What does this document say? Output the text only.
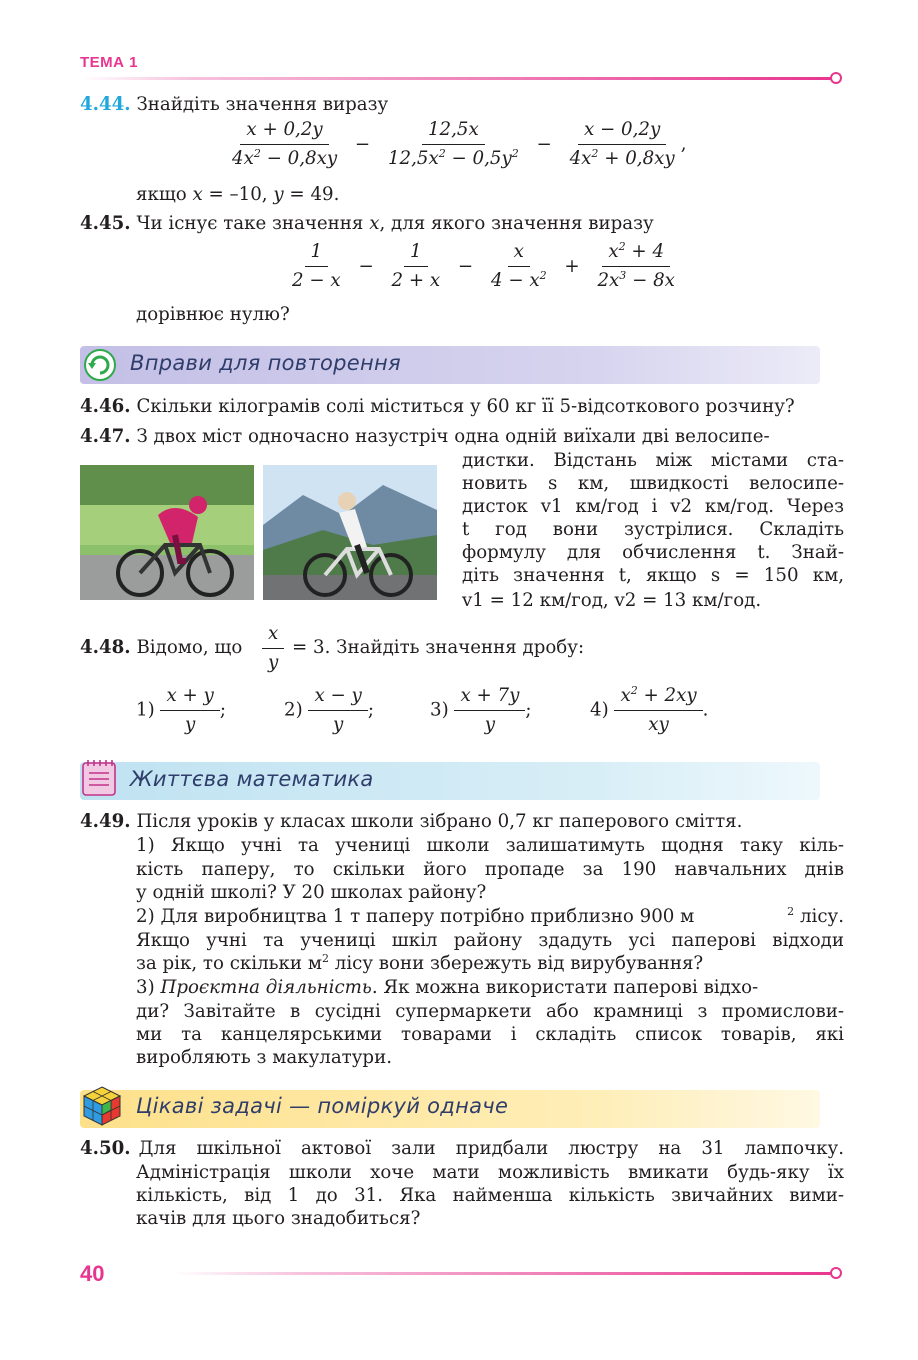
ТЕМА 1
4.44. Знайдіть значення виразу
$\frac{x + 0,2y}{4x^2 - 0,8xy} - \frac{12,5x}{12,5x^2 - 0,5y^2} - \frac{x - 0,2y}{4x^2 + 0,8xy}$ ,
якщо x = –10, y = 49.
4.45. Чи існує таке значення x, для якого значення виразу
$\frac{1}{2 - x} - \frac{1}{2 + x} - \frac{x}{4 - x^2} + \frac{x^2 + 4}{2x^3 - 8x}$
дорівнює нулю?
Вправи для повторення
4.46. Скільки кілограмів солі міститься у 60 кг її 5-відсоткового розчину?
4.47. З двох міст одночасно назустріч одна одній виїхали дві велосипе-
дистки. Відстань між містами ста-
новить s км, швидкості велосипе-
дисток v1 км/год і v2 км/год. Через
t год вони зустрілися. Складіть
формулу для обчислення t. Знай-
діть значення t, якщо s = 150 км,
v1 = 12 км/год, v2 = 13 км/год.
4.48. Відомо, що $\frac{x}{y} = 3$. Знайдіть значення дробу:
$1) \frac{x + y}{y}$ ;	$2) \frac{x - y}{y}$ ;	$3) \frac{x + 7y}{y}$ ;	$4) \frac{x^2 + 2xy}{xy}$ .
Життєва математика
4.49. Після уроків у класах школи зібрано 0,7 кг паперового сміття.
1) Якщо учні та учениці школи залишатимуть щодня таку кіль-
кість паперу, то скільки його пропаде за 190 навчальних днів
у одній школі? У 20 школах району?
2) Для виробництва 1 т паперу потрібно приблизно 900 м	$^2$ лісу.
Якщо учні та учениці шкіл району здадуть усі паперові відходи
за рік, то скільки $м^2$ лісу вони збережуть від вирубування?
3) Проєктна діяльність. Як можна використати паперові відхо-
ди? Завітайте в сусідні супермаркети або крамниці з промислови-
ми та канцелярськими товарами і складіть список товарів, які
виробляють з макулатури.
Цікаві задачі — поміркуй одначе
4.50. Для шкільної актової зали придбали люстру на 31 лампочку.
Адміністрація школи хоче мати можливість вмикати будь-яку їх
кількість, від 1 до 31. Яка найменша кількість звичайних вими-
качів для цього знадобиться?
40
